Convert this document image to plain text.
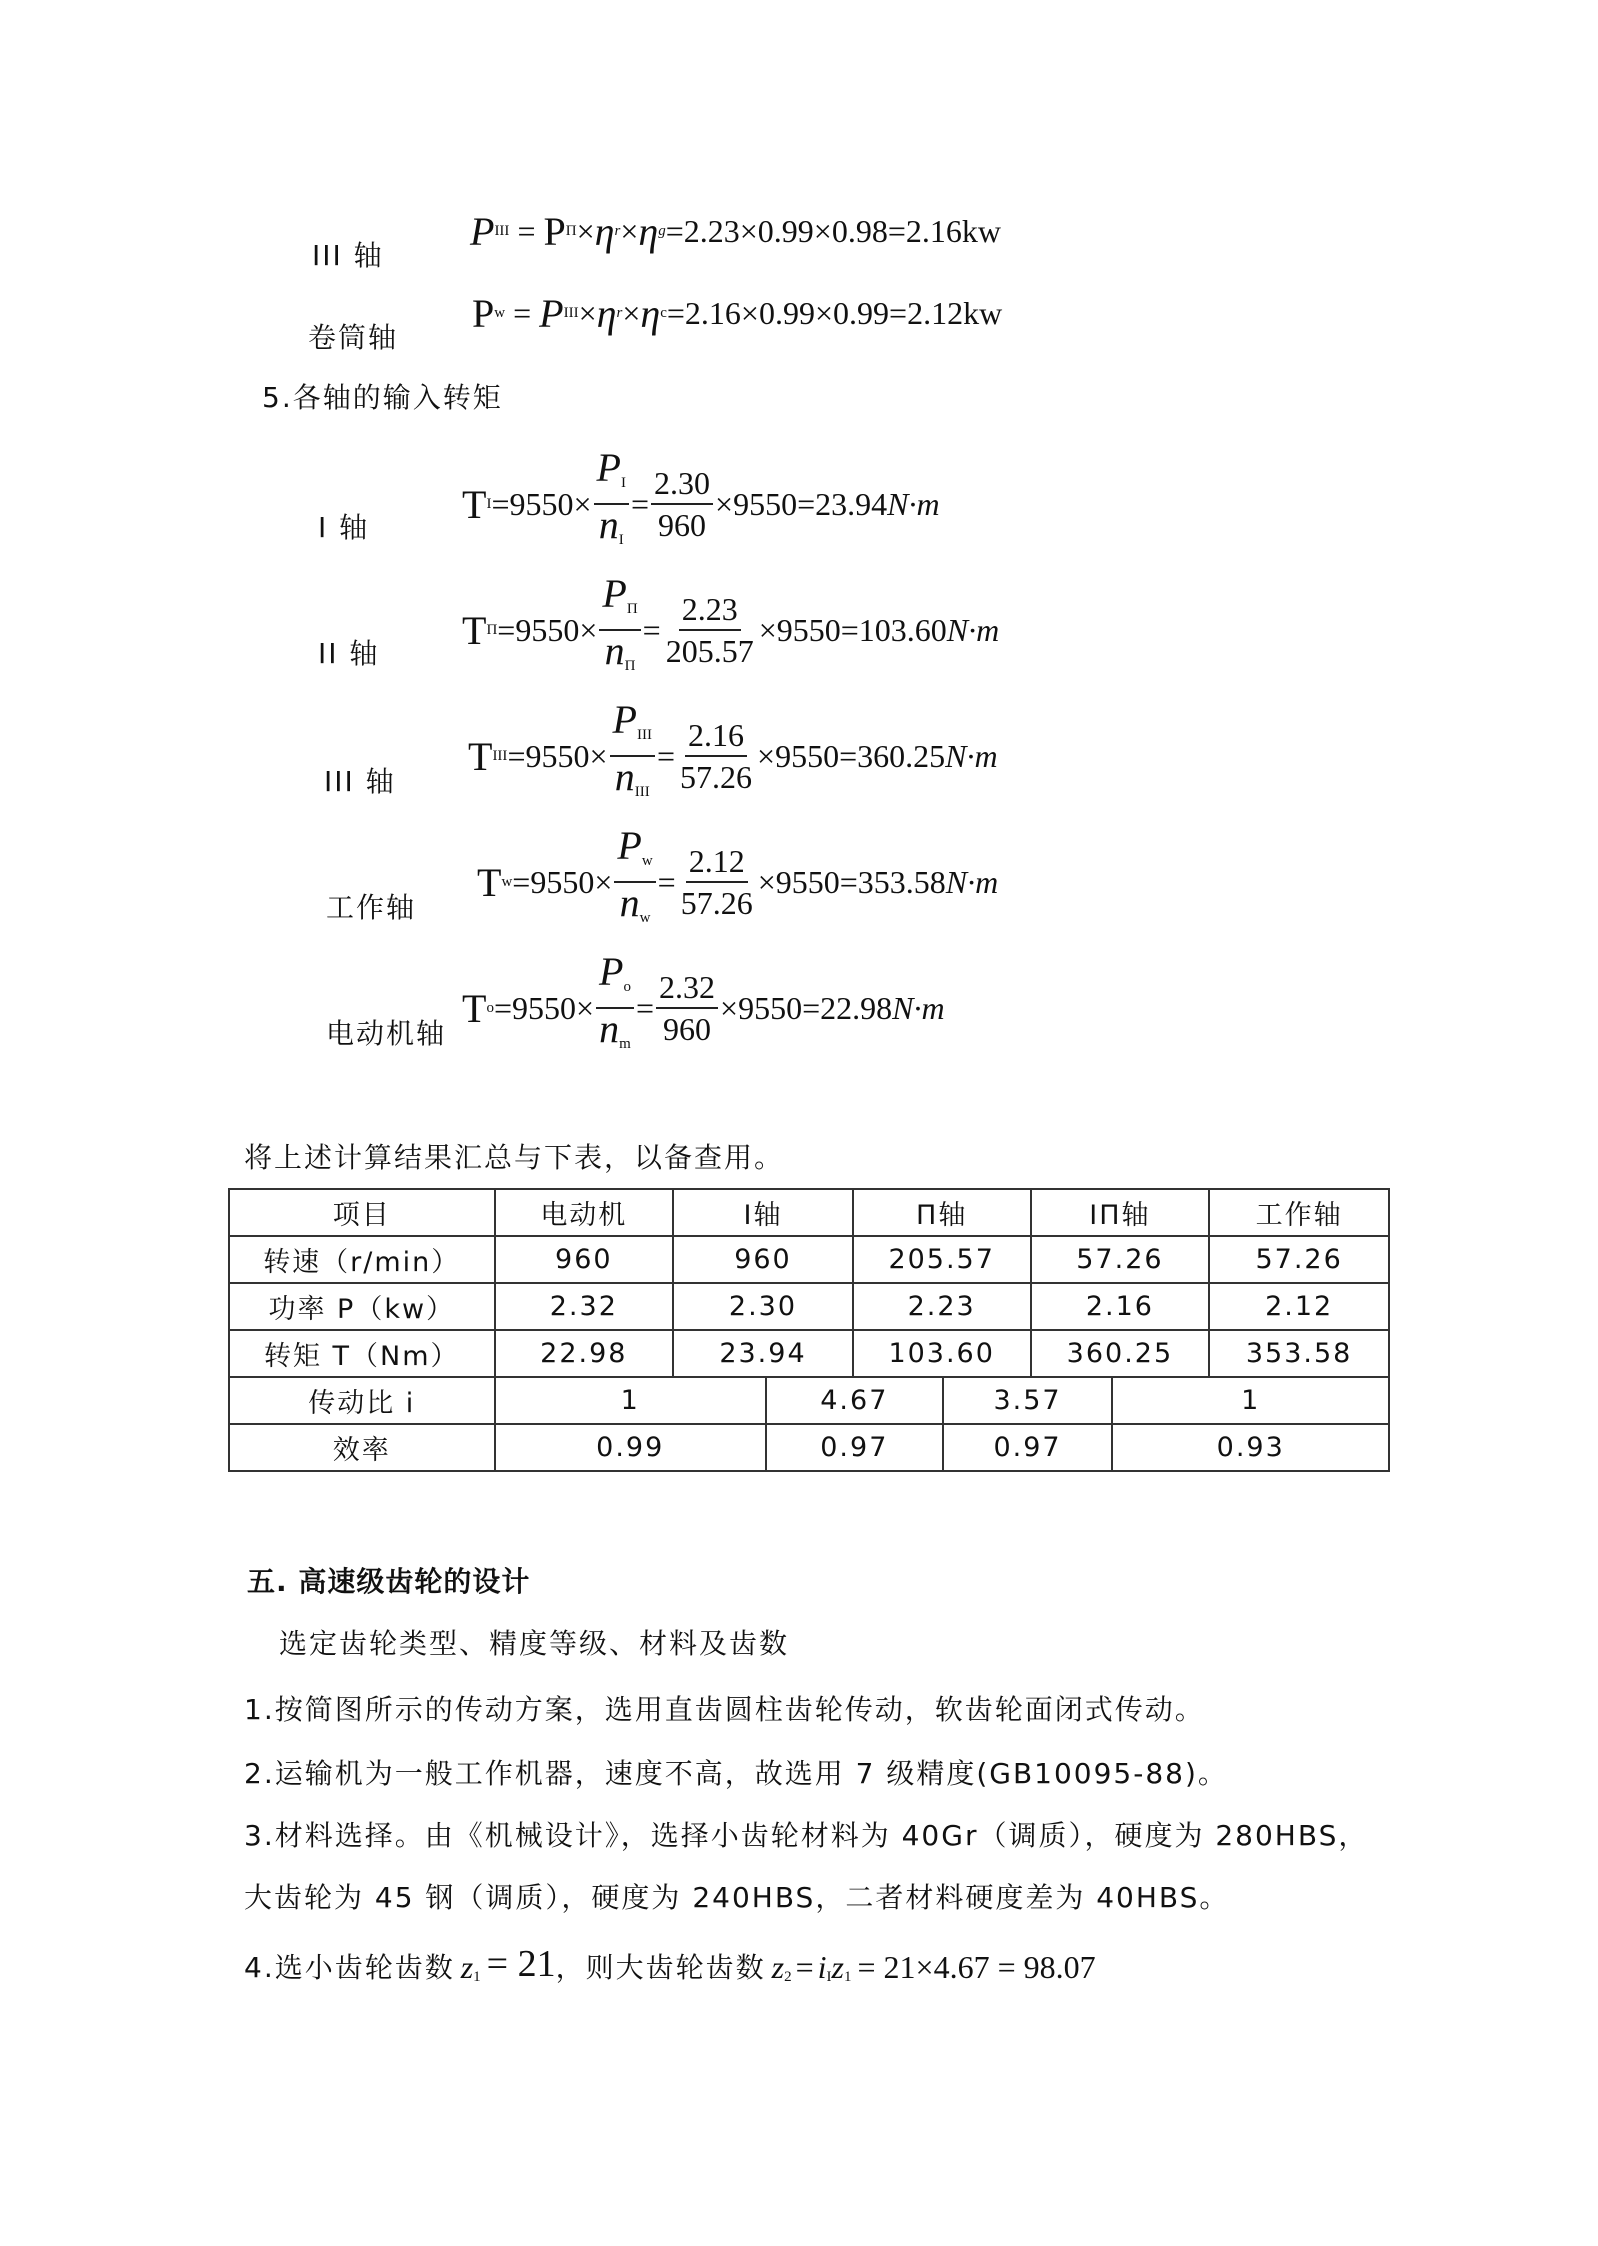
III 轴
P III = P Π × η r × η g =2.23×0.99×0.98=2.16kw
卷筒轴
P w = P III × η r × η c =2.16×0.99×0.99=2.12kw
5.各轴的输入转矩
I 轴
T $I =9550\times \frac{P_I}{n_I} = \frac{2.30}{960} \times 9550= 23.94$ N·m
II 轴
T $\Pi =9550\times \frac{P_\Pi}{n_\Pi} = \frac{2.23}{205.57} \times 9550= 103.60$ N·m
III 轴
T III $=9550\times \frac{P_{III}}{n_{III}} = \frac{2.16}{57.26} \times 9550= 360.25$ N·m
工作轴
T $w =9550\times \frac{P_w}{n_w} = \frac{2.12}{57.26} \times 9550= 353.58$ N·m
电动机轴
T $o =9550\times \frac{P_o}{n_m} = \frac{2.32}{960} \times 9550= 22.98$ N·m
将上述计算结果汇总与下表，以备查用。
项目	电动机	I轴		Π轴		IΠ轴		工作轴
转速（r/min）	960	960		205.57		57.26		57.26
功率 P（kw）	2.32	2.30		2.23		2.16		2.12
转矩 T（Nm）	22.98	23.94		103.60		360.25		353.58
传动比 i	1		4.67		3.57		1	
效率	0.99		0.97		0.97		0.93	
五. 高速级齿轮的设计
选定齿轮类型、精度等级、材料及齿数
1.按简图所示的传动方案，选用直齿圆柱齿轮传动，软齿轮面闭式传动。
2.运输机为一般工作机器，速度不高，故选用 7 级精度(GB10095-88)。
3.材料选择。由《机械设计》，选择小齿轮材料为 40Gr（调质），硬度为 280HBS，
大齿轮为 45 钢（调质），硬度为 240HBS，二者材料硬度差为 40HBS。
4.选小齿轮齿数 $z_1 = 21$ ，则大齿轮齿数 $z_2 = i_I$ $z_1 = 21\times 4.67 = 98.07$
